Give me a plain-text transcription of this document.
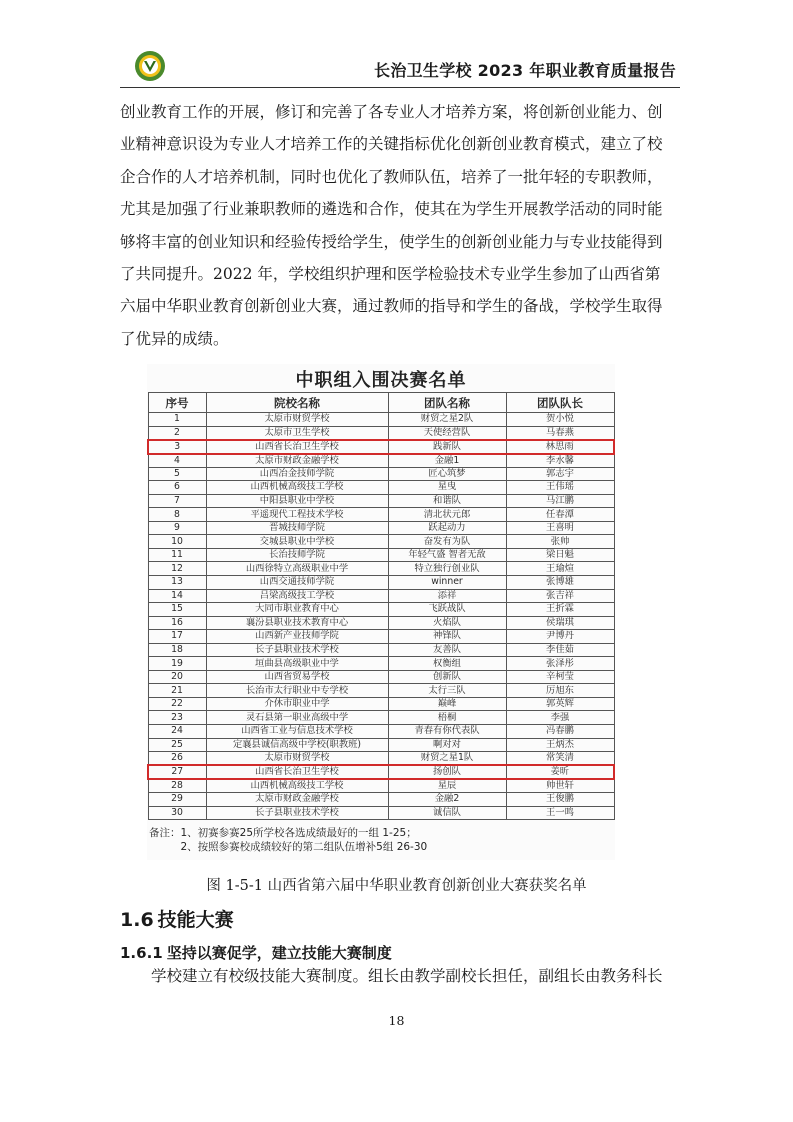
长治卫生学校 2023 年职业教育质量报告
创业教育工作的开展，修订和完善了各专业人才培养方案，将创新创业能力、创
业精神意识设为专业人才培养工作的关键指标优化创新创业教育模式，建立了校
企合作的人才培养机制，同时也优化了教师队伍，培养了一批年轻的专职教师，
尤其是加强了行业兼职教师的遴选和合作，使其在为学生开展教学活动的同时能
够将丰富的创业知识和经验传授给学生，使学生的创新创业能力与专业技能得到
了共同提升。2022 年，学校组织护理和医学检验技术专业学生参加了山西省第
六届中华职业教育创新创业大赛，通过教师的指导和学生的备战，学校学生取得
了优异的成绩。
中职组入围决赛名单
序号	院校名称	团队名称	团队队长
1	太原市财贸学校	财贸之星2队	贺小悦
2	太原市卫生学校	天使经营队	马春燕
3	山西省长治卫生学校	践新队	林思雨
4	太原市财政金融学校	金融1	李水馨
5	山西冶金技师学院	匠心筑梦	郭志宇
6	山西机械高级技工学校	星曳	王伟瑶
7	中阳县职业中学校	和谐队	马江鹏
8	平遥现代工程技术学校	清北状元郎	任春潭
9	晋城技师学院	跃起动力	王喜明
10	交城县职业中学校	奋发有为队	张帅
11	长治技师学院	年轻气盛 智者无敌	梁日魁
12	山西徐特立高级职业中学	特立独行创业队	王瑜煊
13	山西交通技师学院	winner	张博雄
14	吕梁高级技工学校	添祥	张吉祥
15	大同市职业教育中心	飞跃战队	王折霖
16	襄汾县职业技术教育中心	火焰队	侯瑞琪
17	山西新产业技师学院	神锋队	尹博丹
18	长子县职业技术学校	友善队	李佳茹
19	垣曲县高级职业中学	权衡组	张泽彤
20	山西省贸易学校	创新队	辛柯莹
21	长治市太行职业中专学校	太行三队	厉旭东
22	介休市职业中学	巅峰	郭英辉
23	灵石县第一职业高级中学	梧桐	李强
24	山西省工业与信息技术学校	青春有你代表队	冯春鹏
25	定襄县诚信高级中学校(职教班)	啊对对	王炳杰
26	太原市财贸学校	财贸之星1队	常笑清
27	山西省长治卫生学校	扬创队	姜昕
28	山西机械高级技工学校	星辰	帅世轩
29	太原市财政金融学校	金融2	王俊鹏
30	长子县职业技术学校	诚信队	王一鸣
备注：1、初赛参赛25所学校各选成绩最好的一组 1-25；
　　　2、按照参赛校成绩较好的第二组队伍增补5组 26-30
图 1-5-1 山西省第六届中华职业教育创新创业大赛获奖名单
1.6 技能大赛
1.6.1 坚持以赛促学，建立技能大赛制度
　　学校建立有校级技能大赛制度。组长由教学副校长担任，副组长由教务科长
18
